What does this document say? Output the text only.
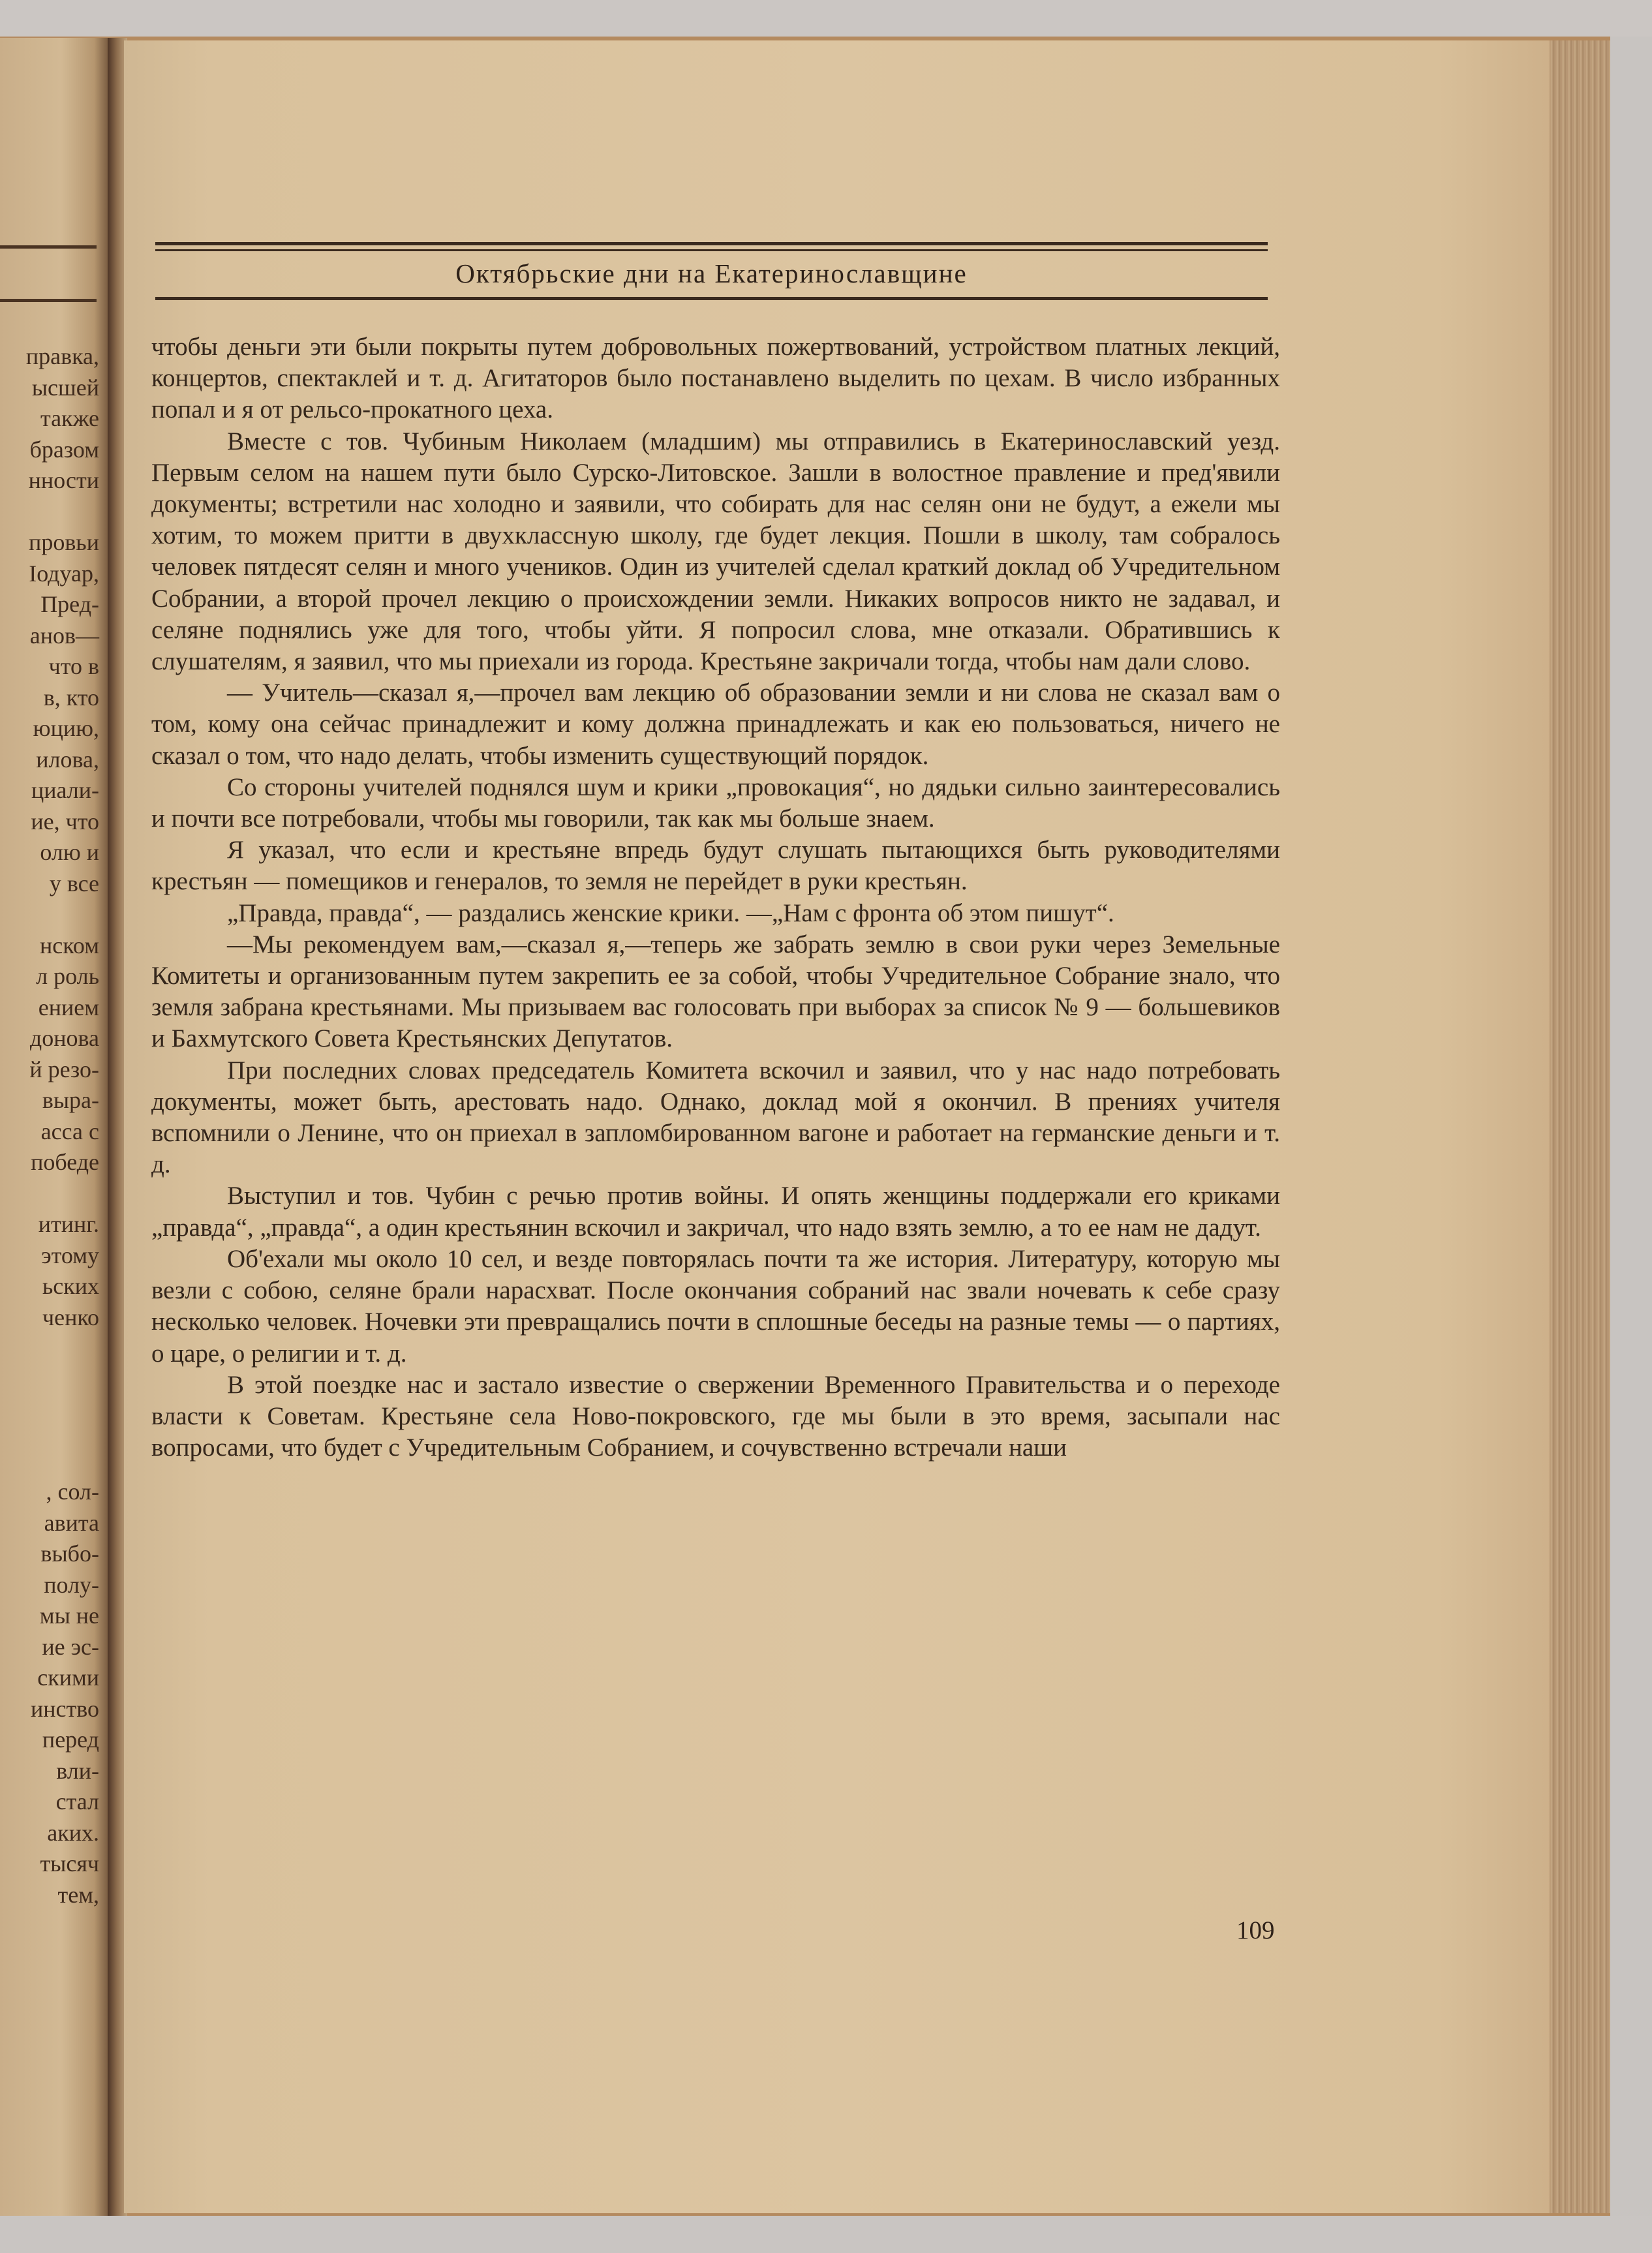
правка,
ысшей
также
бразом
нности

провьи
Іодуар,
Пред-
анов—
что в
в, кто
юцию,
илова,
циали-
ие, что
олю и
у все

нском
л роль
ением
донова
й резо-
выра-
асса с
победе

итинг.
этому
ьских
ченко
, сол-
авита
выбо-
полу-
мы не
ие эс-
скими
инство
перед
вли-
стал
аких.
тысяч
тем,
Октябрьские дни на Екатеринославщине

чтобы деньги эти были покрыты путем добровольных пожертвований, устройством платных лекций, концертов, спектаклей и т. д. Агитаторов было постанавлено выделить по цехам. В число избранных попал и я от рельсо-прокатного цеха.

Вместе с тов. Чубиным Николаем (младшим) мы отправились в Екатеринославский уезд. Первым селом на нашем пути было Сурско-Литовское. Зашли в волостное правление и пред'явили документы; встретили нас холодно и заявили, что собирать для нас селян они не будут, а ежели мы хотим, то можем притти в двухклассную школу, где будет лекция. Пошли в школу, там собралось человек пятдесят селян и много учеников. Один из учителей сделал краткий доклад об Учредительном Собрании, а второй прочел лекцию о происхождении земли. Никаких вопросов никто не задавал, и селяне поднялись уже для того, чтобы уйти. Я попросил слова, мне отказали. Обратившись к слушателям, я заявил, что мы приехали из города. Крестьяне закричали тогда, чтобы нам дали слово.

— Учитель—сказал я,—прочел вам лекцию об образовании земли и ни слова не сказал вам о том, кому она сейчас принадлежит и кому должна принадлежать и как ею пользоваться, ничего не сказал о том, что надо делать, чтобы изменить существующий порядок.

Со стороны учителей поднялся шум и крики „провокация“, но дядьки сильно заинтересовались и почти все потребовали, чтобы мы говорили, так как мы больше знаем.

Я указал, что если и крестьяне впредь будут слушать пытающихся быть руководителями крестьян — помещиков и генералов, то земля не перейдет в руки крестьян.

„Правда, правда“, — раздались женские крики. —„Нам с фронта об этом пишут“.

—Мы рекомендуем вам,—сказал я,—теперь же забрать землю в свои руки через Земельные Комитеты и организованным путем закрепить ее за собой, чтобы Учредительное Собрание знало, что земля забрана крестьянами. Мы призываем вас голосовать при выборах за список № 9 — большевиков и Бахмутского Совета Крестьянских Депутатов.

При последних словах председатель Комитета вскочил и заявил, что у нас надо потребовать документы, может быть, арестовать надо. Однако, доклад мой я окончил. В прениях учителя вспомнили о Ленине, что он приехал в запломбированном вагоне и работает на германские деньги и т. д.

Выступил и тов. Чубин с речью против войны. И опять женщины поддержали его криками „правда“, „правда“, а один крестьянин вскочил и закричал, что надо взять землю, а то ее нам не дадут.

Об'ехали мы около 10 сел, и везде повторялась почти та же история. Литературу, которую мы везли с собою, селяне брали нарасхват. После окончания собраний нас звали ночевать к себе сразу несколько человек. Ночевки эти превращались почти в сплошные беседы на разные темы — о партиях, о царе, о религии и т. д.

В этой поездке нас и застало известие о свержении Временного Правительства и о переходе власти к Советам. Крестьяне села Ново-покровского, где мы были в это время, засыпали нас вопросами, что будет с Учредительным Собранием, и сочувственно встречали наши

109
